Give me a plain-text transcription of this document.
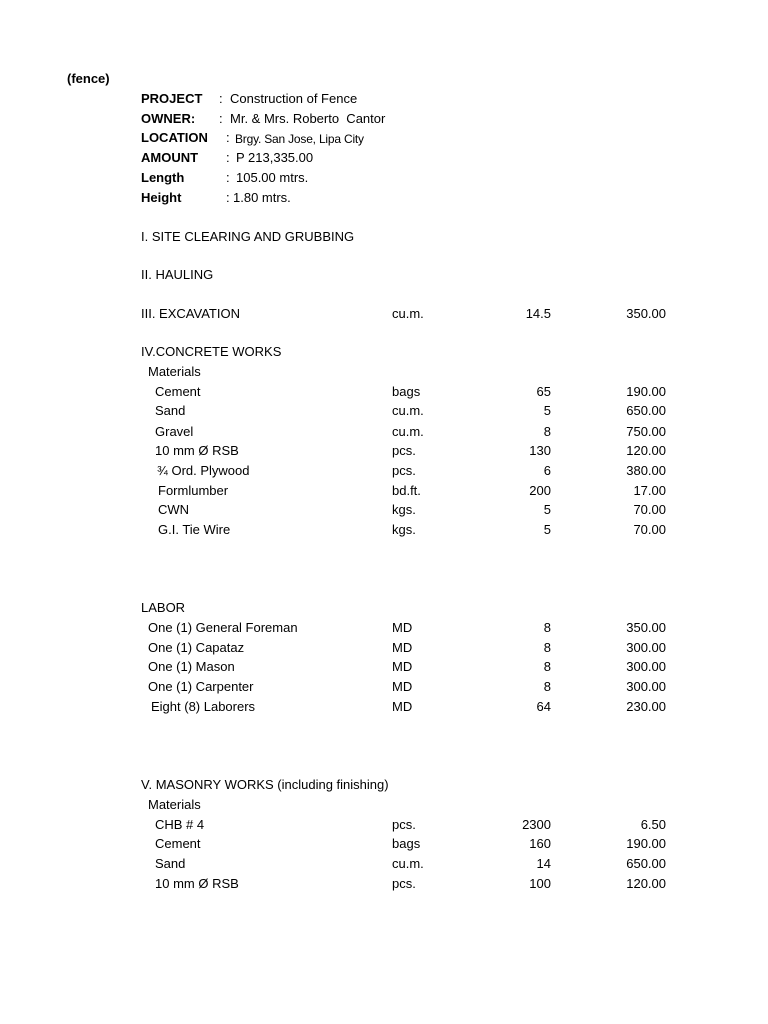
(fence)
PROJECT	: Construction of Fence
OWNER:	: Mr. & Mrs. Roberto  Cantor
LOCATION	: Brgy. San Jose, Lipa City
AMOUNT	: P 213,335.00
Length	: 105.00 mtrs.
Height	: 1.80 mtrs.
I. SITE CLEARING AND GRUBBING
II. HAULING
III. EXCAVATION	cu.m.	14.5	350.00
IV.CONCRETE WORKS
Materials
Cement	bags	65	190.00
Sand	cu.m.	5	650.00
Gravel	cu.m.	8	750.00
10 mm Ø RSB	pcs.	130	120.00
¾ Ord. Plywood	pcs.	6	380.00
Formlumber	bd.ft.	200	17.00
CWN	kgs.	5	70.00
G.I. Tie Wire	kgs.	5	70.00
LABOR
One (1) General Foreman	MD	8	350.00
One (1) Capataz	MD	8	300.00
One (1) Mason	MD	8	300.00
One (1) Carpenter	MD	8	300.00
Eight (8) Laborers	MD	64	230.00
V. MASONRY WORKS (including finishing)
Materials
CHB # 4	pcs.	2300	6.50
Cement	bags	160	190.00
Sand	cu.m.	14	650.00
10 mm Ø RSB	pcs.	100	120.00
